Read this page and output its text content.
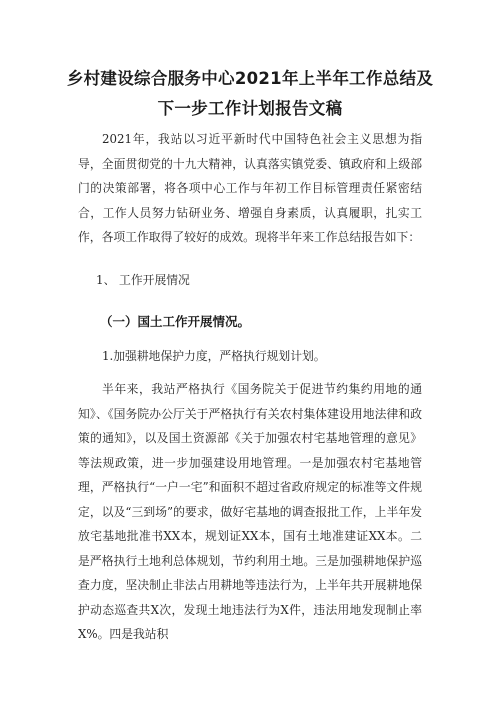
乡村建设综合服务中心2021年上半年工作总结及下一步工作计划报告文稿
2021年，我站以习近平新时代中国特色社会主义思想为指导，全面贯彻党的十九大精神，认真落实镇党委、镇政府和上级部门的决策部署，将各项中心工作与年初工作目标管理责任紧密结合，工作人员努力钻研业务、增强自身素质，认真履职，扎实工作，各项工作取得了较好的成效。现将半年来工作总结报告如下：
1、 工作开展情况
（一）国土工作开展情况。
1.加强耕地保护力度，严格执行规划计划。
半年来，我站严格执行《国务院关于促进节约集约用地的通知》、《国务院办公厅关于严格执行有关农村集体建设用地法律和政策的通知》，以及国土资源部《关于加强农村宅基地管理的意见》等法规政策，进一步加强建设用地管理。一是加强农村宅基地管理，严格执行“一户一宅”和面积不超过省政府规定的标准等文件规定，以及“三到场”的要求，做好宅基地的调查报批工作，上半年发放宅基地批准书XX本，规划证XX本，国有土地准建证XX本。二是严格执行土地利总体规划，节约利用土地。三是加强耕地保护巡查力度，坚决制止非法占用耕地等违法行为，上半年共开展耕地保护动态巡查共X次，发现土地违法行为X件，违法用地发现制止率X%。四是我站积
